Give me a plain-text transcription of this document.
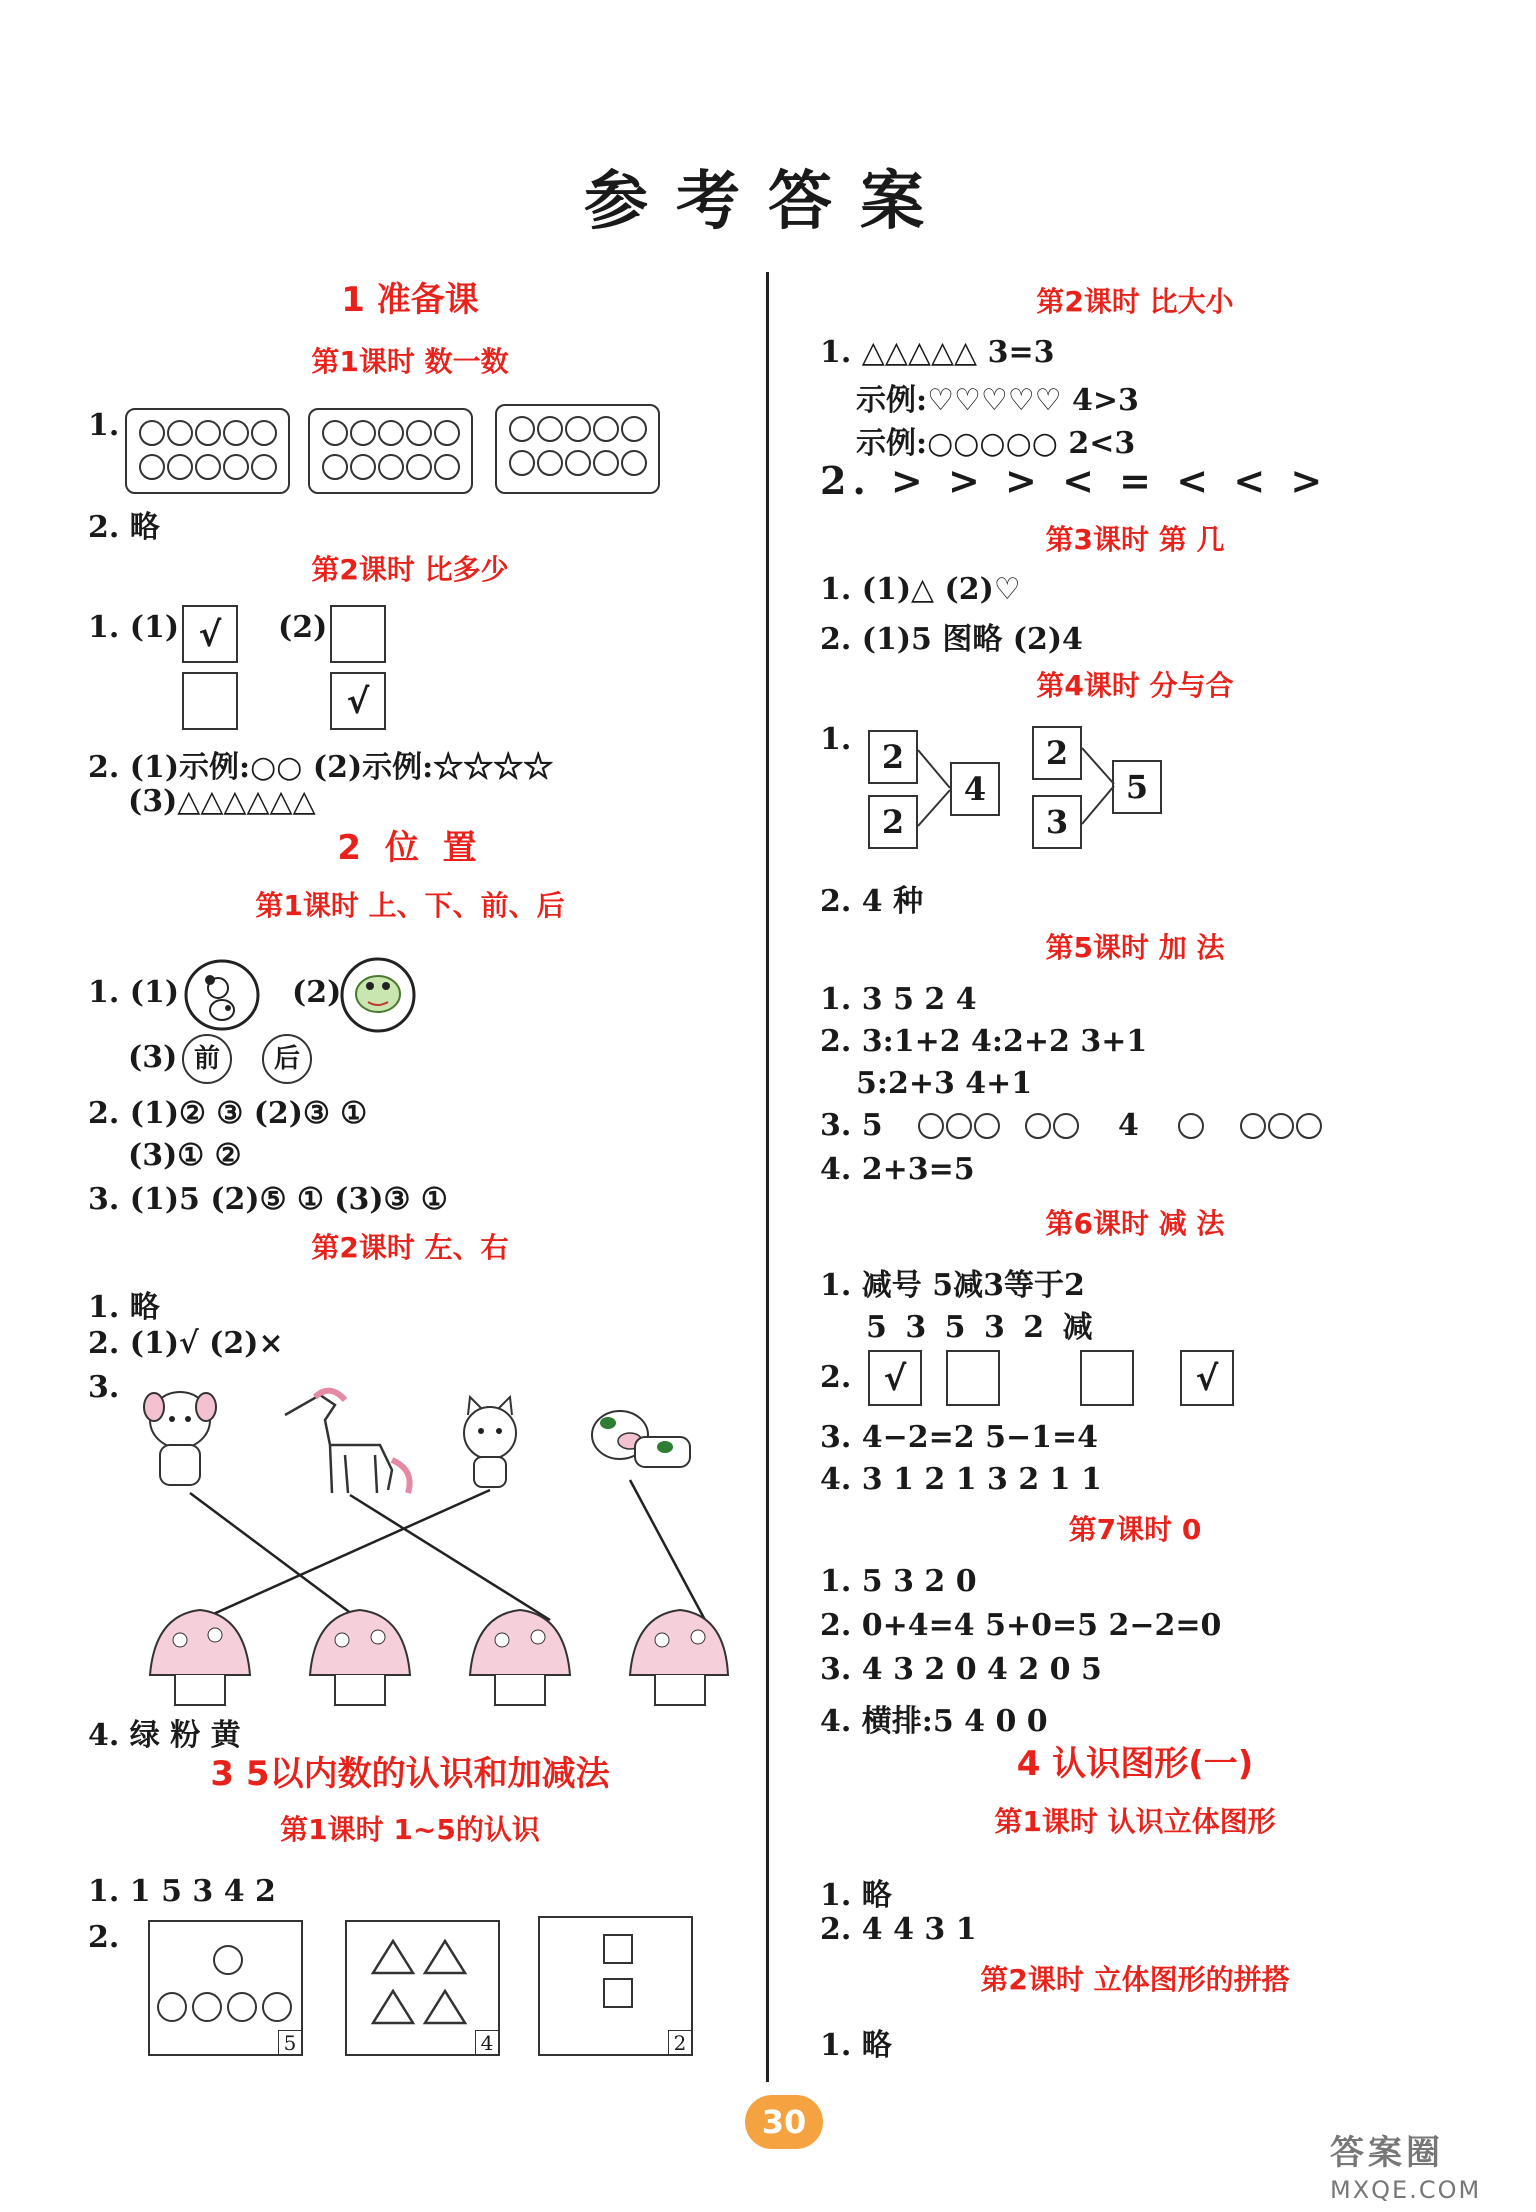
参考答案
1 准备课
第1课时 数一数
1.
2. 略
第2课时 比多少
1. (1) √	(2)
√
2. (1)示例:○○ (2)示例:☆☆☆☆
(3)△△△△△△
2 位 置
第1课时 上、下、前、后
1. (1)	(2)
(3) 前	后
2. (1)② ③ (2)③ ①
(3)① ②
3. (1)5 (2)⑤ ① (3)③ ①
第2课时 左、右
1. 略
2. (1)√ (2)×
3.
4. 绿 粉 黄
3 5以内数的认识和加减法
第1课时 1~5的认识
1. 1 5 3 4 2
2.
5	4	2
第2课时 比大小
1. △△△△△ 3=3
示例:♡♡♡♡♡ 4>3
示例:○○○○○ 2<3
2. > > > < = < < >
第3课时 第 几
1. (1)△ (2)♡
2. (1)5 图略 (2)4
第4课时 分与合
1. 2
2
4
2
3
5
2. 4 种
第5课时 加 法
1. 3 5 2 4
2. 3:1+2 4:2+2 3+1
5:2+3 4+1
3. 5	4
4. 2+3=5
第6课时 减 法
1. 减号 5减3等于2
5 3 5 3 2 减
2. √	√
3. 4−2=2 5−1=4
4. 3 1 2 1 3 2 1 1
第7课时 0
1. 5 3 2 0
2. 0+4=4 5+0=5 2−2=0
3. 4 3 2 0 4 2 0 5
4. 横排:5 4 0 0
4 认识图形(一)
第1课时 认识立体图形
1. 略
2. 4 4 3 1
第2课时 立体图形的拼搭
1. 略
30
答案圈
MXQE.COM
